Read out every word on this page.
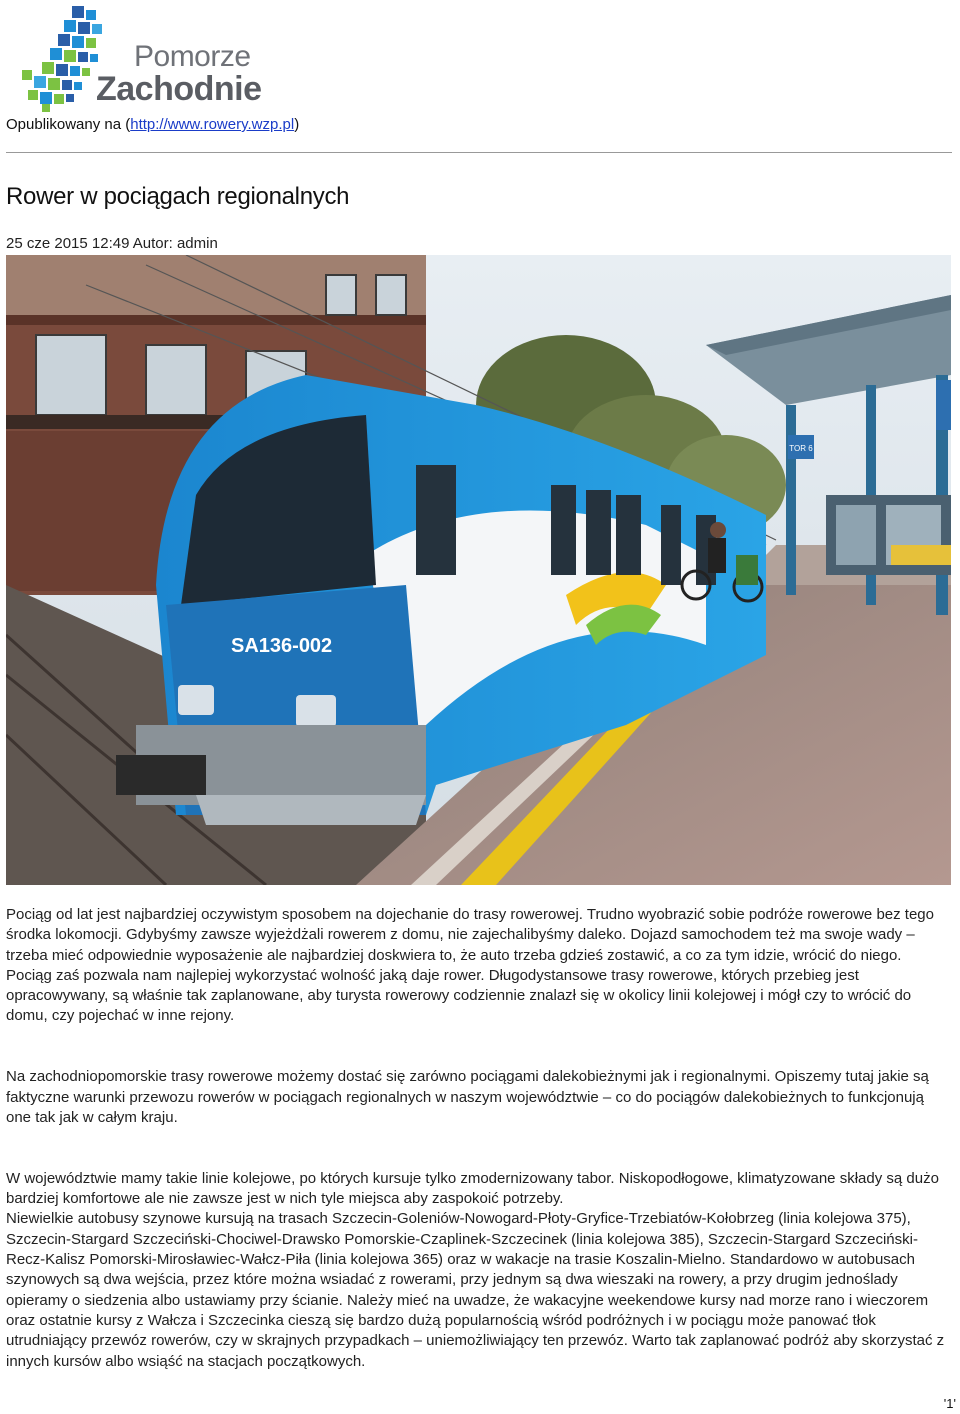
Pomorze
Zachodnie
Opublikowany na (http://www.rowery.wzp.pl)
Rower w pociągach regionalnych
25 cze 2015 12:49 Autor: admin
TOR 6
SA136-002

Pociąg od lat jest najbardziej oczywistym sposobem na dojechanie do trasy rowerowej. Trudno wyobrazić sobie podróże rowerowe bez tego środka lokomocji. Gdybyśmy zawsze wyjeżdżali rowerem z domu, nie zajechalibyśmy daleko. Dojazd samochodem też ma swoje wady – trzeba mieć odpowiednie wyposażenie ale najbardziej doskwiera to, że auto trzeba gdzieś zostawić, a co za tym idzie, wrócić do niego. Pociąg zaś pozwala nam najlepiej wykorzystać wolność jaką daje rower. Długodystansowe trasy rowerowe, których przebieg jest opracowywany, są właśnie tak zaplanowane, aby turysta rowerowy codziennie znalazł się w okolicy linii kolejowej i mógł czy to wrócić do domu, czy pojechać w inne rejony.

Na zachodniopomorskie trasy rowerowe możemy dostać się zarówno pociągami dalekobieżnymi jak i regionalnymi. Opiszemy tutaj jakie są faktyczne warunki przewozu rowerów w pociągach regionalnych w naszym województwie – co do pociągów dalekobieżnych to funkcjonują one tak jak w całym kraju.

W województwie mamy takie linie kolejowe, po których kursuje tylko zmodernizowany tabor. Niskopodłogowe, klimatyzowane składy są dużo bardziej komfortowe ale nie zawsze jest w nich tyle miejsca aby zaspokoić potrzeby.

Niewielkie autobusy szynowe kursują na trasach Szczecin-Goleniów-Nowogard-Płoty-Gryfice-Trzebiatów-Kołobrzeg (linia kolejowa 375), Szczecin-Stargard Szczeciński-Chociwel-Drawsko Pomorskie-Czaplinek-Szczecinek (linia kolejowa 385), Szczecin-Stargard Szczeciński-Recz-Kalisz Pomorski-Mirosławiec-Wałcz-Piła (linia kolejowa 365) oraz w wakacje na trasie Koszalin-Mielno. Standardowo w autobusach szynowych są dwa wejścia, przez które można wsiadać z rowerami, przy jednym są dwa wieszaki na rowery, a przy drugim jednoślady opieramy o siedzenia albo ustawiamy przy ścianie. Należy mieć na uwadze, że wakacyjne weekendowe kursy nad morze rano i wieczorem oraz ostatnie kursy z Wałcza i Szczecinka cieszą się bardzo dużą popularnością wśród podróżnych i w pociągu może panować tłok utrudniający przewóz rowerów, czy w skrajnych przypadkach – uniemożliwiający ten przewóz. Warto tak zaplanować podróż aby skorzystać z innych kursów albo wsiąść na stacjach początkowych.

'1'
